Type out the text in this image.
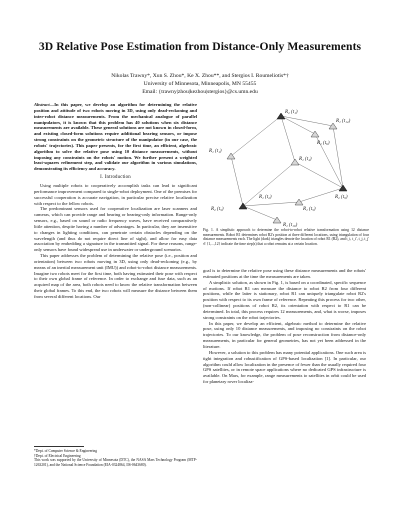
3D Relative Pose Estimation from Distance-Only Measurements
Nikolas Trawny*, Xun S. Zhou*, Ke X. Zhou**, and Stergios I. Roumeliotis*†
University of Minnesota, Minneapolis, MN 55455
Email: {trawny|zhou|kezhou|stergios}@cs.umn.edu

Abstract—In this paper, we develop an algorithm for determining the relative position and attitude of two robots moving in 3D, using only dead-reckoning and inter-robot distance measurements. From the mechanical analogue of parallel manipulators, it is known that this problem has 40 solutions when six distance measurements are available. These general solutions are not known in closed-form, and existing closed-form solutions require additional bearing sensors, or impose strong constraints on the geometric structure of the manipulator (in our case, the robots' trajectories). This paper presents, for the first time, an efficient, algebraic algorithm to solve the relative pose using 10 distance measurements, without imposing any constraints on the robots' motion. We further present a weighted least-squares refinement step, and validate our algorithm in various simulations, demonstrating its efficiency and accuracy.

I. Introduction

Using multiple robots to cooperatively accomplish tasks can lead to significant performance improvement compared to single-robot deployment. One of the premises for successful cooperation is accurate navigation, in particular precise relative localization with respect to the fellow robots.

The predominant sensors used for cooperative localization are laser scanners and cameras, which can provide range and bearing or bearing-only information. Range-only sensors, e.g., based on sound or radio frequency waves, have received comparatively little attention, despite having a number of advantages. In particular, they are insensitive to changes in lighting conditions, can penetrate certain obstacles depending on the wavelength (and thus do not require direct line of sight), and allow for easy data association by embedding a signature in the transmitted signal. For these reasons, range-only sensors have found widespread use in underwater or underground scenarios.

This paper addresses the problem of determining the relative pose (i.e., position and orientation) between two robots moving in 3D, using only dead-reckoning (e.g., by means of an inertial measurement unit (IMU)) and robot-to-robot distance measurements. Imagine two robots meet for the first time, both having estimated their pose with respect to their own global frame of reference. In order to exchange and fuse data, such as an acquired map of the area, both robots need to know the relative transformation between their global frames. To this end, the two robots will measure the distance between them from several different locations. Our

*Dept. of Computer Science & Engineering
†Dept. of Electrical Engineering
This work was supported by the University of Minnesota (DTC), the NASA Mars Technology Program (MTP-1263201), and the National Science Foundation (EIA-0324864, IIS-0643680).
R₂ (t₁)
R₂ (t₅)
R₂ (t₉)
R₁ (t₁₂)
R₁ (t₆)
R₁ (t₄)
R₁ (t₁)
R₁ (t₅)
R₁ (t₁₀)
R₁ (t₂)
Fig. 1. A simplistic approach to determine the robot-to-robot relative transformation using 12 distance measurements. Robot R1 determines robot R2's position at three different locations, using triangulation of four distance measurements each. The light (dark) triangles denote the location of robot R1 (R2), and t_i, t_i', t_j, t_j' ∈ {1,...,12} indicate the time step(s) that a robot remains at a certain location.

goal is to determine the relative pose using these distance measurements and the robots' estimated positions at the time the measurements are taken.

A simplistic solution, as shown in Fig. 1, is based on a coordinated, specific sequence of motions. If robot R1 can measure the distance to robot R2 from four different positions, while the latter is stationary, robot R1 can uniquely triangulate robot R2's position with respect to its own frame of reference. Repeating this process for two other, (non-collinear) positions of robot R2, its orientation with respect to R1 can be determined. In total, this process requires 12 measurements, and, what is worse, imposes strong constraints on the robot trajectories.

In this paper, we develop an efficient, algebraic method to determine the relative pose, using only 10 distance measurements, and imposing no constraints on the robot trajectories. To our knowledge, the problem of pose reconstruction from distance-only measurements, in particular for general geometries, has not yet been addressed in the literature.

However, a solution to this problem has many potential applications. One such area is tight integration and robustification of GPS-based localization [1]. In particular, our algorithm could allow localization in the presence of fewer than the usually required four GPS satellites, or in remote space applications where no dedicated GPS infrastructure is available. On Mars, for example, range measurements to satellites in orbit could be used for planetary rover localiza-
